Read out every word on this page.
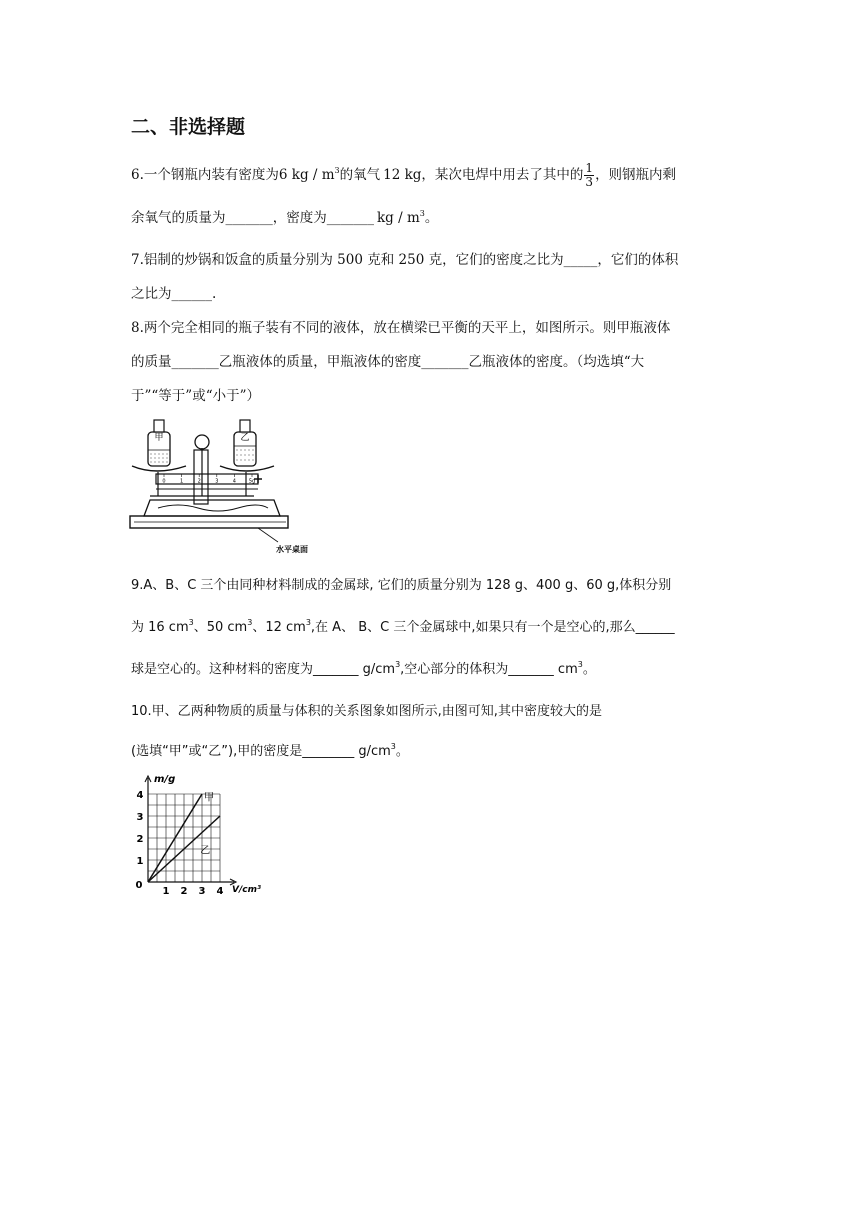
二、非选择题
6.一个钢瓶内装有密度为6 kg / $m^3$的氧气 12 kg，某次电焊中用去了其中的 $\frac{1}{3}$ ，则钢瓶内剩
余氧气的质量为_______，密度为_______ kg / $m^3$。
7.铝制的炒锅和饭盒的质量分别为 500 克和 250 克，它们的密度之比为_____，它们的体积
之比为______.
8.两个完全相同的瓶子装有不同的液体，放在横梁已平衡的天平上，如图所示。则甲瓶液体
的质量_______乙瓶液体的质量，甲瓶液体的密度_______乙瓶液体的密度。（均选填“大
于”“等于”或“小于”）
甲	乙
0	1	2	3	4	5g
水平桌面
9.A、B、C 三个由同种材料制成的金属球, 它们的质量分别为 128 g、400 g、60 g,体积分别
为 16 $cm^3$、50 $cm^3$、12 $cm^3$,在 A、 B、C 三个金属球中,如果只有一个是空心的,那么______
球是空心的。这种材料的密度为_______ $g/cm^3$,空心部分的体积为_______ $cm^3$。
10.甲、乙两种物质的质量与体积的关系图象如图所示,由图可知,其中密度较大的是
(选填“甲”或“乙”),甲的密度是________ $g/cm^3$。
1 2 3 4
1
2
3
4
0
m/g
V/cm³
甲
乙
